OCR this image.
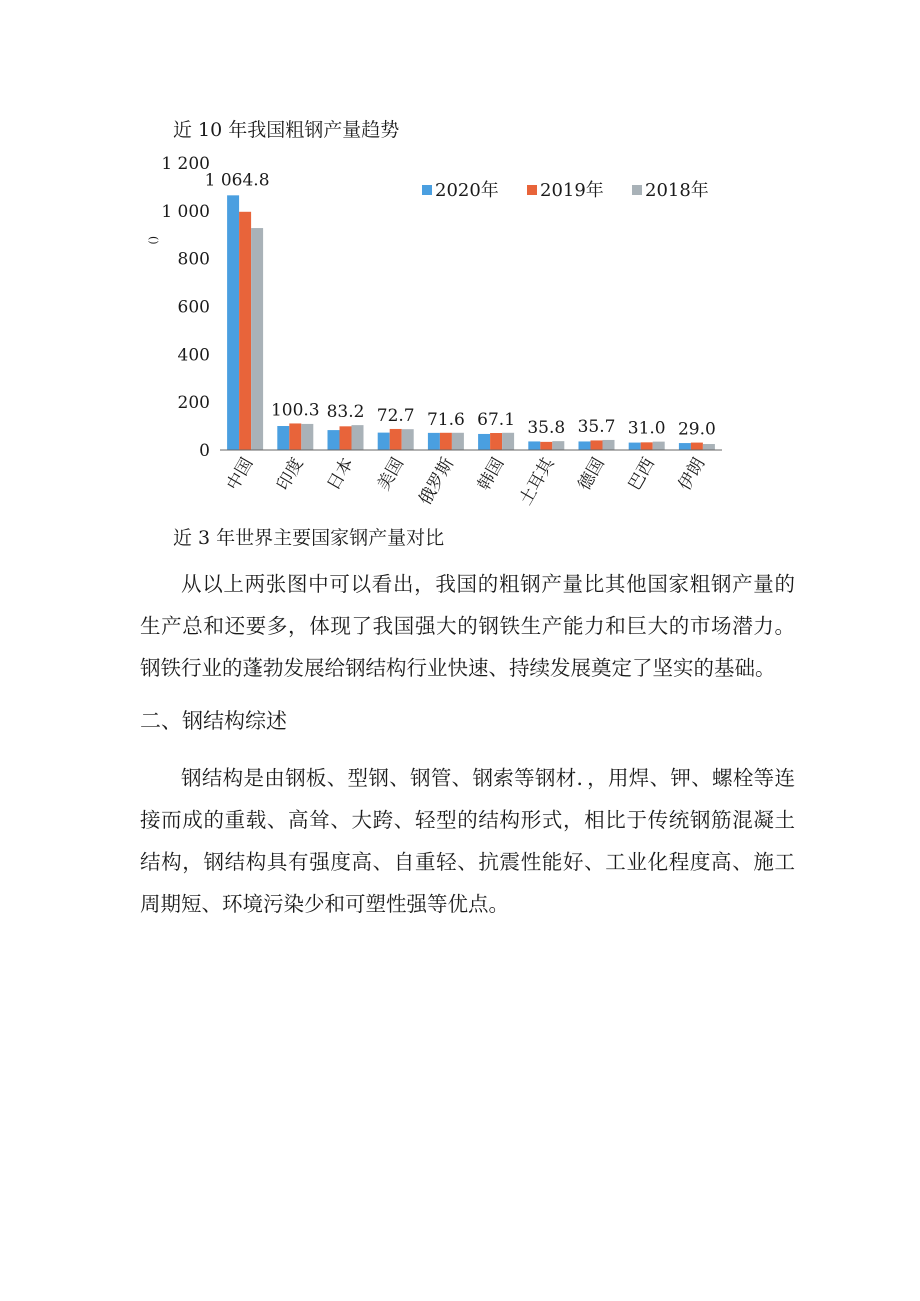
近 10 年我国粗钢产量趋势
()
0
200
400
600
800
1 000
1 200
1 064.8
100.3 83.2 72.7 71.6 67.1 35.8 35.7 31.0 29.0
中国 印度 日本 美国 俄罗斯 韩国 土耳其 德国 巴西 伊朗
2020年 2019年 2018年
近 3 年世界主要国家钢产量对比

从以上两张图中可以看出，我国的粗钢产量比其他国家粗钢产量的生产总和还要多，体现了我国强大的钢铁生产能力和巨大的市场潜力。钢铁行业的蓬勃发展给钢结构行业快速、持续发展奠定了坚实的基础。

二、钢结构综述

钢结构是由钢板、型钢、钢管、钢索等钢材．，用焊、钾、螺栓等连接而成的重载、高耸、大跨、轻型的结构形式，相比于传统钢筋混凝土结构，钢结构具有强度高、自重轻、抗震性能好、工业化程度高、施工周期短、环境污染少和可塑性强等优点。
